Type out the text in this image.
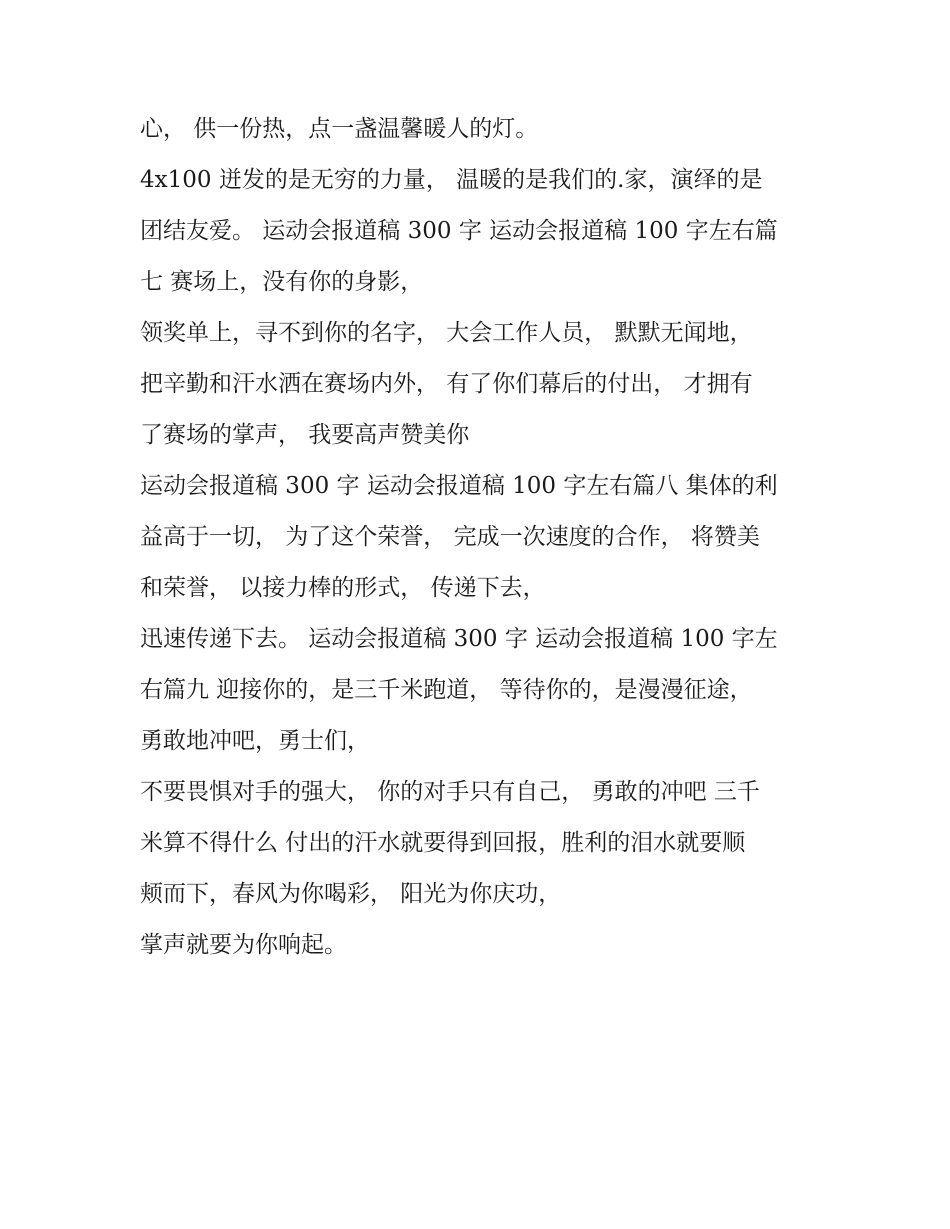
心， 供一份热，点一盏温馨暖人的灯。
4x100 迸发的是无穷的力量， 温暖的是我们的.家，演绎的是
团结友爱。 运动会报道稿 300 字 运动会报道稿 100 字左右篇
七 赛场上，没有你的身影，
领奖单上，寻不到你的名字， 大会工作人员， 默默无闻地，
把辛勤和汗水洒在赛场内外， 有了你们幕后的付出， 才拥有
了赛场的掌声， 我要高声赞美你
运动会报道稿 300 字 运动会报道稿 100 字左右篇八 集体的利
益高于一切， 为了这个荣誉， 完成一次速度的合作， 将赞美
和荣誉， 以接力棒的形式， 传递下去，
迅速传递下去。 运动会报道稿 300 字 运动会报道稿 100 字左
右篇九 迎接你的，是三千米跑道， 等待你的，是漫漫征途，
勇敢地冲吧，勇士们，
不要畏惧对手的强大， 你的对手只有自己， 勇敢的冲吧 三千
米算不得什么 付出的汗水就要得到回报，胜利的泪水就要顺
颊而下，春风为你喝彩， 阳光为你庆功，
掌声就要为你响起。
